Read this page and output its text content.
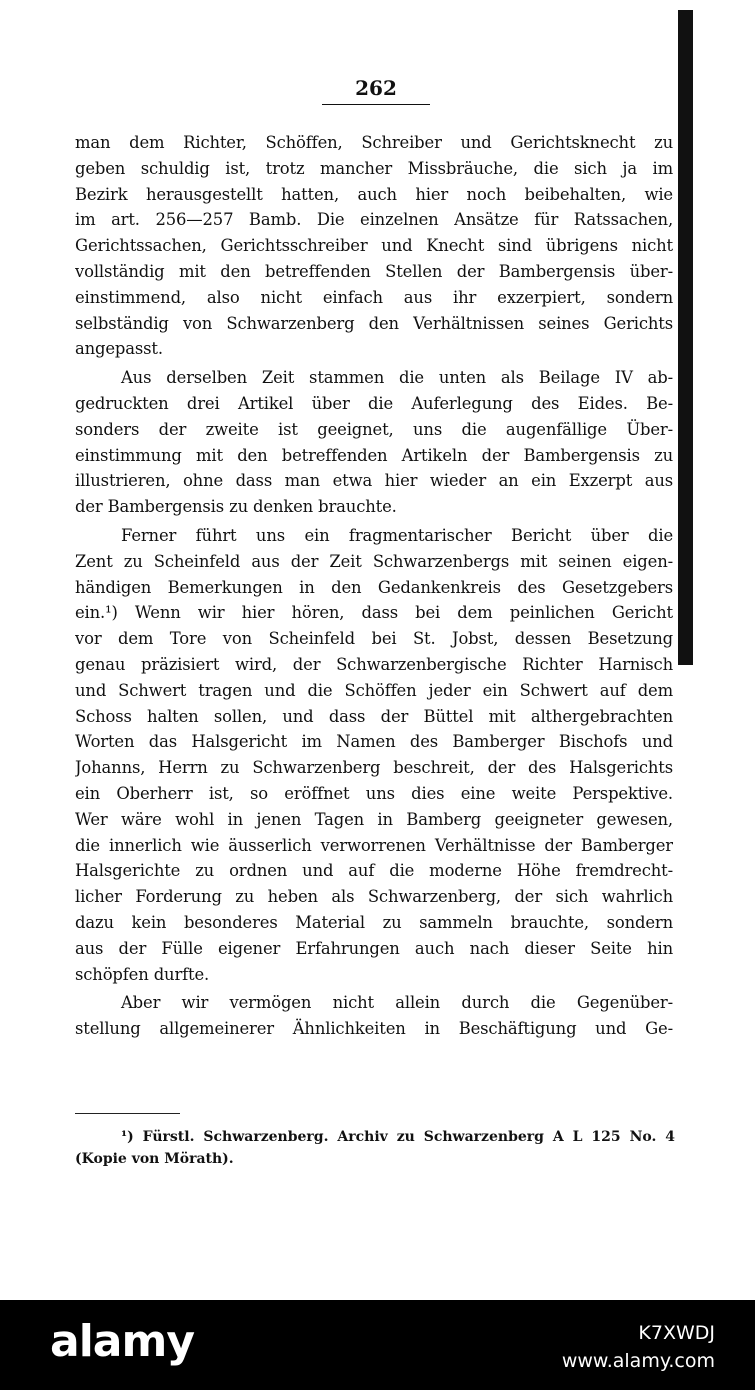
262
man dem Richter, Schöffen, Schreiber und Gerichtsknecht zu
geben schuldig ist, trotz mancher Missbräuche, die sich ja im
Bezirk herausgestellt hatten, auch hier noch beibehalten, wie
im art. 256—257 Bamb. Die einzelnen Ansätze für Ratssachen,
Gerichtssachen, Gerichtsschreiber und Knecht sind übrigens nicht
vollständig mit den betreffenden Stellen der Bambergensis über-
einstimmend, also nicht einfach aus ihr exzerpiert, sondern
selbständig von Schwarzenberg den Verhältnissen seines Gerichts
angepasst.
Aus derselben Zeit stammen die unten als Beilage IV ab-
gedruckten drei Artikel über die Auferlegung des Eides. Be-
sonders der zweite ist geeignet, uns die augenfällige Über-
einstimmung mit den betreffenden Artikeln der Bambergensis zu
illustrieren, ohne dass man etwa hier wieder an ein Exzerpt aus
der Bambergensis zu denken brauchte.
Ferner führt uns ein fragmentarischer Bericht über die
Zent zu Scheinfeld aus der Zeit Schwarzenbergs mit seinen eigen-
händigen Bemerkungen in den Gedankenkreis des Gesetzgebers
ein.¹) Wenn wir hier hören, dass bei dem peinlichen Gericht
vor dem Tore von Scheinfeld bei St. Jobst, dessen Besetzung
genau präzisiert wird, der Schwarzenbergische Richter Harnisch
und Schwert tragen und die Schöffen jeder ein Schwert auf dem
Schoss halten sollen, und dass der Büttel mit althergebrachten
Worten das Halsgericht im Namen des Bamberger Bischofs und
Johanns, Herrn zu Schwarzenberg beschreit, der des Halsgerichts
ein Oberherr ist, so eröffnet uns dies eine weite Perspektive.
Wer wäre wohl in jenen Tagen in Bamberg geeigneter gewesen,
die innerlich wie äusserlich verworrenen Verhältnisse der Bamberger
Halsgerichte zu ordnen und auf die moderne Höhe fremdrecht-
licher Forderung zu heben als Schwarzenberg, der sich wahrlich
dazu kein besonderes Material zu sammeln brauchte, sondern
aus der Fülle eigener Erfahrungen auch nach dieser Seite hin
schöpfen durfte.
Aber wir vermögen nicht allein durch die Gegenüber-
stellung allgemeinerer Ähnlichkeiten in Beschäftigung und Ge-
¹) Fürstl. Schwarzenberg. Archiv zu Schwarzenberg A L 125 No. 4
(Kopie von Mörath).
alamy	K7XWDJ
www.alamy.com
